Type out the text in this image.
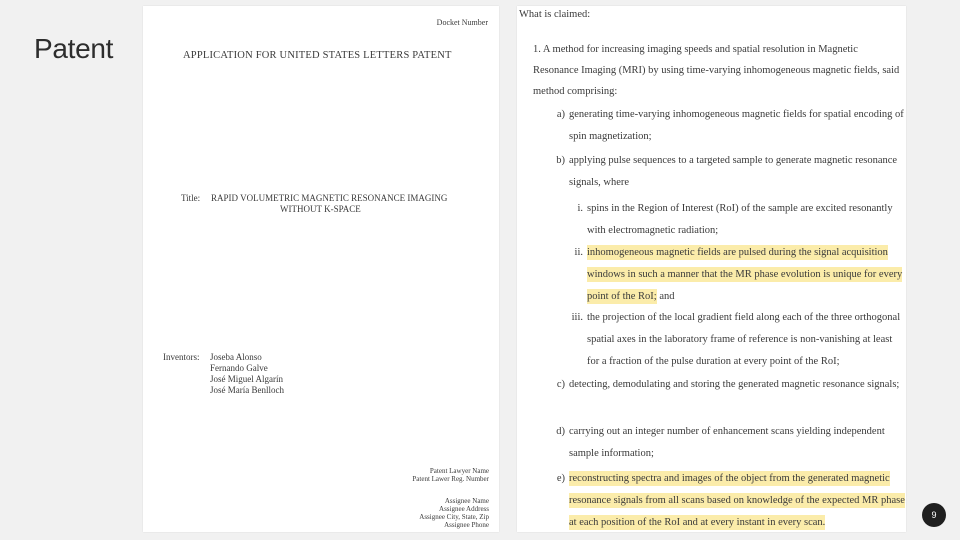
Patent
Docket Number
APPLICATION FOR UNITED STATES LETTERS PATENT
Title: RAPID VOLUMETRIC MAGNETIC RESONANCE IMAGING
WITHOUT K-SPACE
Inventors: Joseba Alonso
Fernando Galve
José Miguel Algarín
José María Benlloch
Patent Lawyer Name
Patent Lawer Reg. Number
Assignee Name
Assignee Address
Assignee City, State, Zip
Assignee Phone
What is claimed:
1. A method for increasing imaging speeds and spatial resolution in Magnetic Resonance Imaging (MRI) by using time-varying inhomogeneous magnetic fields, said method comprising:
a) generating time-varying inhomogeneous magnetic fields for spatial encoding of spin magnetization;
b) applying pulse sequences to a targeted sample to generate magnetic resonance signals, where
i. spins in the Region of Interest (RoI) of the sample are excited resonantly with electromagnetic radiation;
ii. inhomogeneous magnetic fields are pulsed during the signal acquisition windows in such a manner that the MR phase evolution is unique for every point of the RoI; and
iii. the projection of the local gradient field along each of the three orthogonal spatial axes in the laboratory frame of reference is non-vanishing at least for a fraction of the pulse duration at every point of the RoI;
c) detecting, demodulating and storing the generated magnetic resonance signals;
d) carrying out an integer number of enhancement scans yielding independent sample information;
e) reconstructing spectra and images of the object from the generated magnetic resonance signals from all scans based on knowledge of the expected MR phase at each position of the RoI and at every instant in every scan.
9
